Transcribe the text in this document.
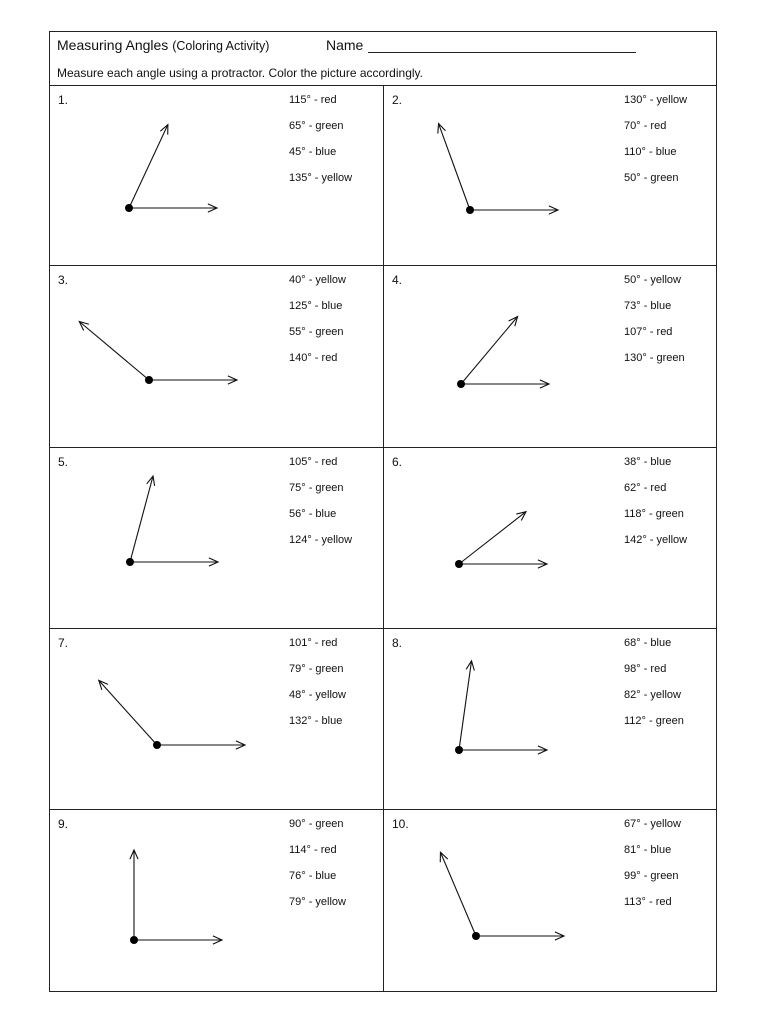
Measuring Angles (Coloring Activity)	Name
Measure each angle using a protractor. Color the picture accordingly.
1.	115° - red
65° - green
45° - blue
135° - yellow
2.	130° - yellow
70° - red
110° - blue
50° - green
3.	40° - yellow
125° - blue
55° - green
140° - red
4.	50° - yellow
73° - blue
107° - red
130° - green
5.	105° - red
75° - green
56° - blue
124° - yellow
6.	38° - blue
62° - red
118° - green
142° - yellow
7.	101° - red
79° - green
48° - yellow
132° - blue
8.	68° - blue
98° - red
82° - yellow
112° - green
9.	90° - green
114° - red
76° - blue
79° - yellow
10.	67° - yellow
81° - blue
99° - green
113° - red
